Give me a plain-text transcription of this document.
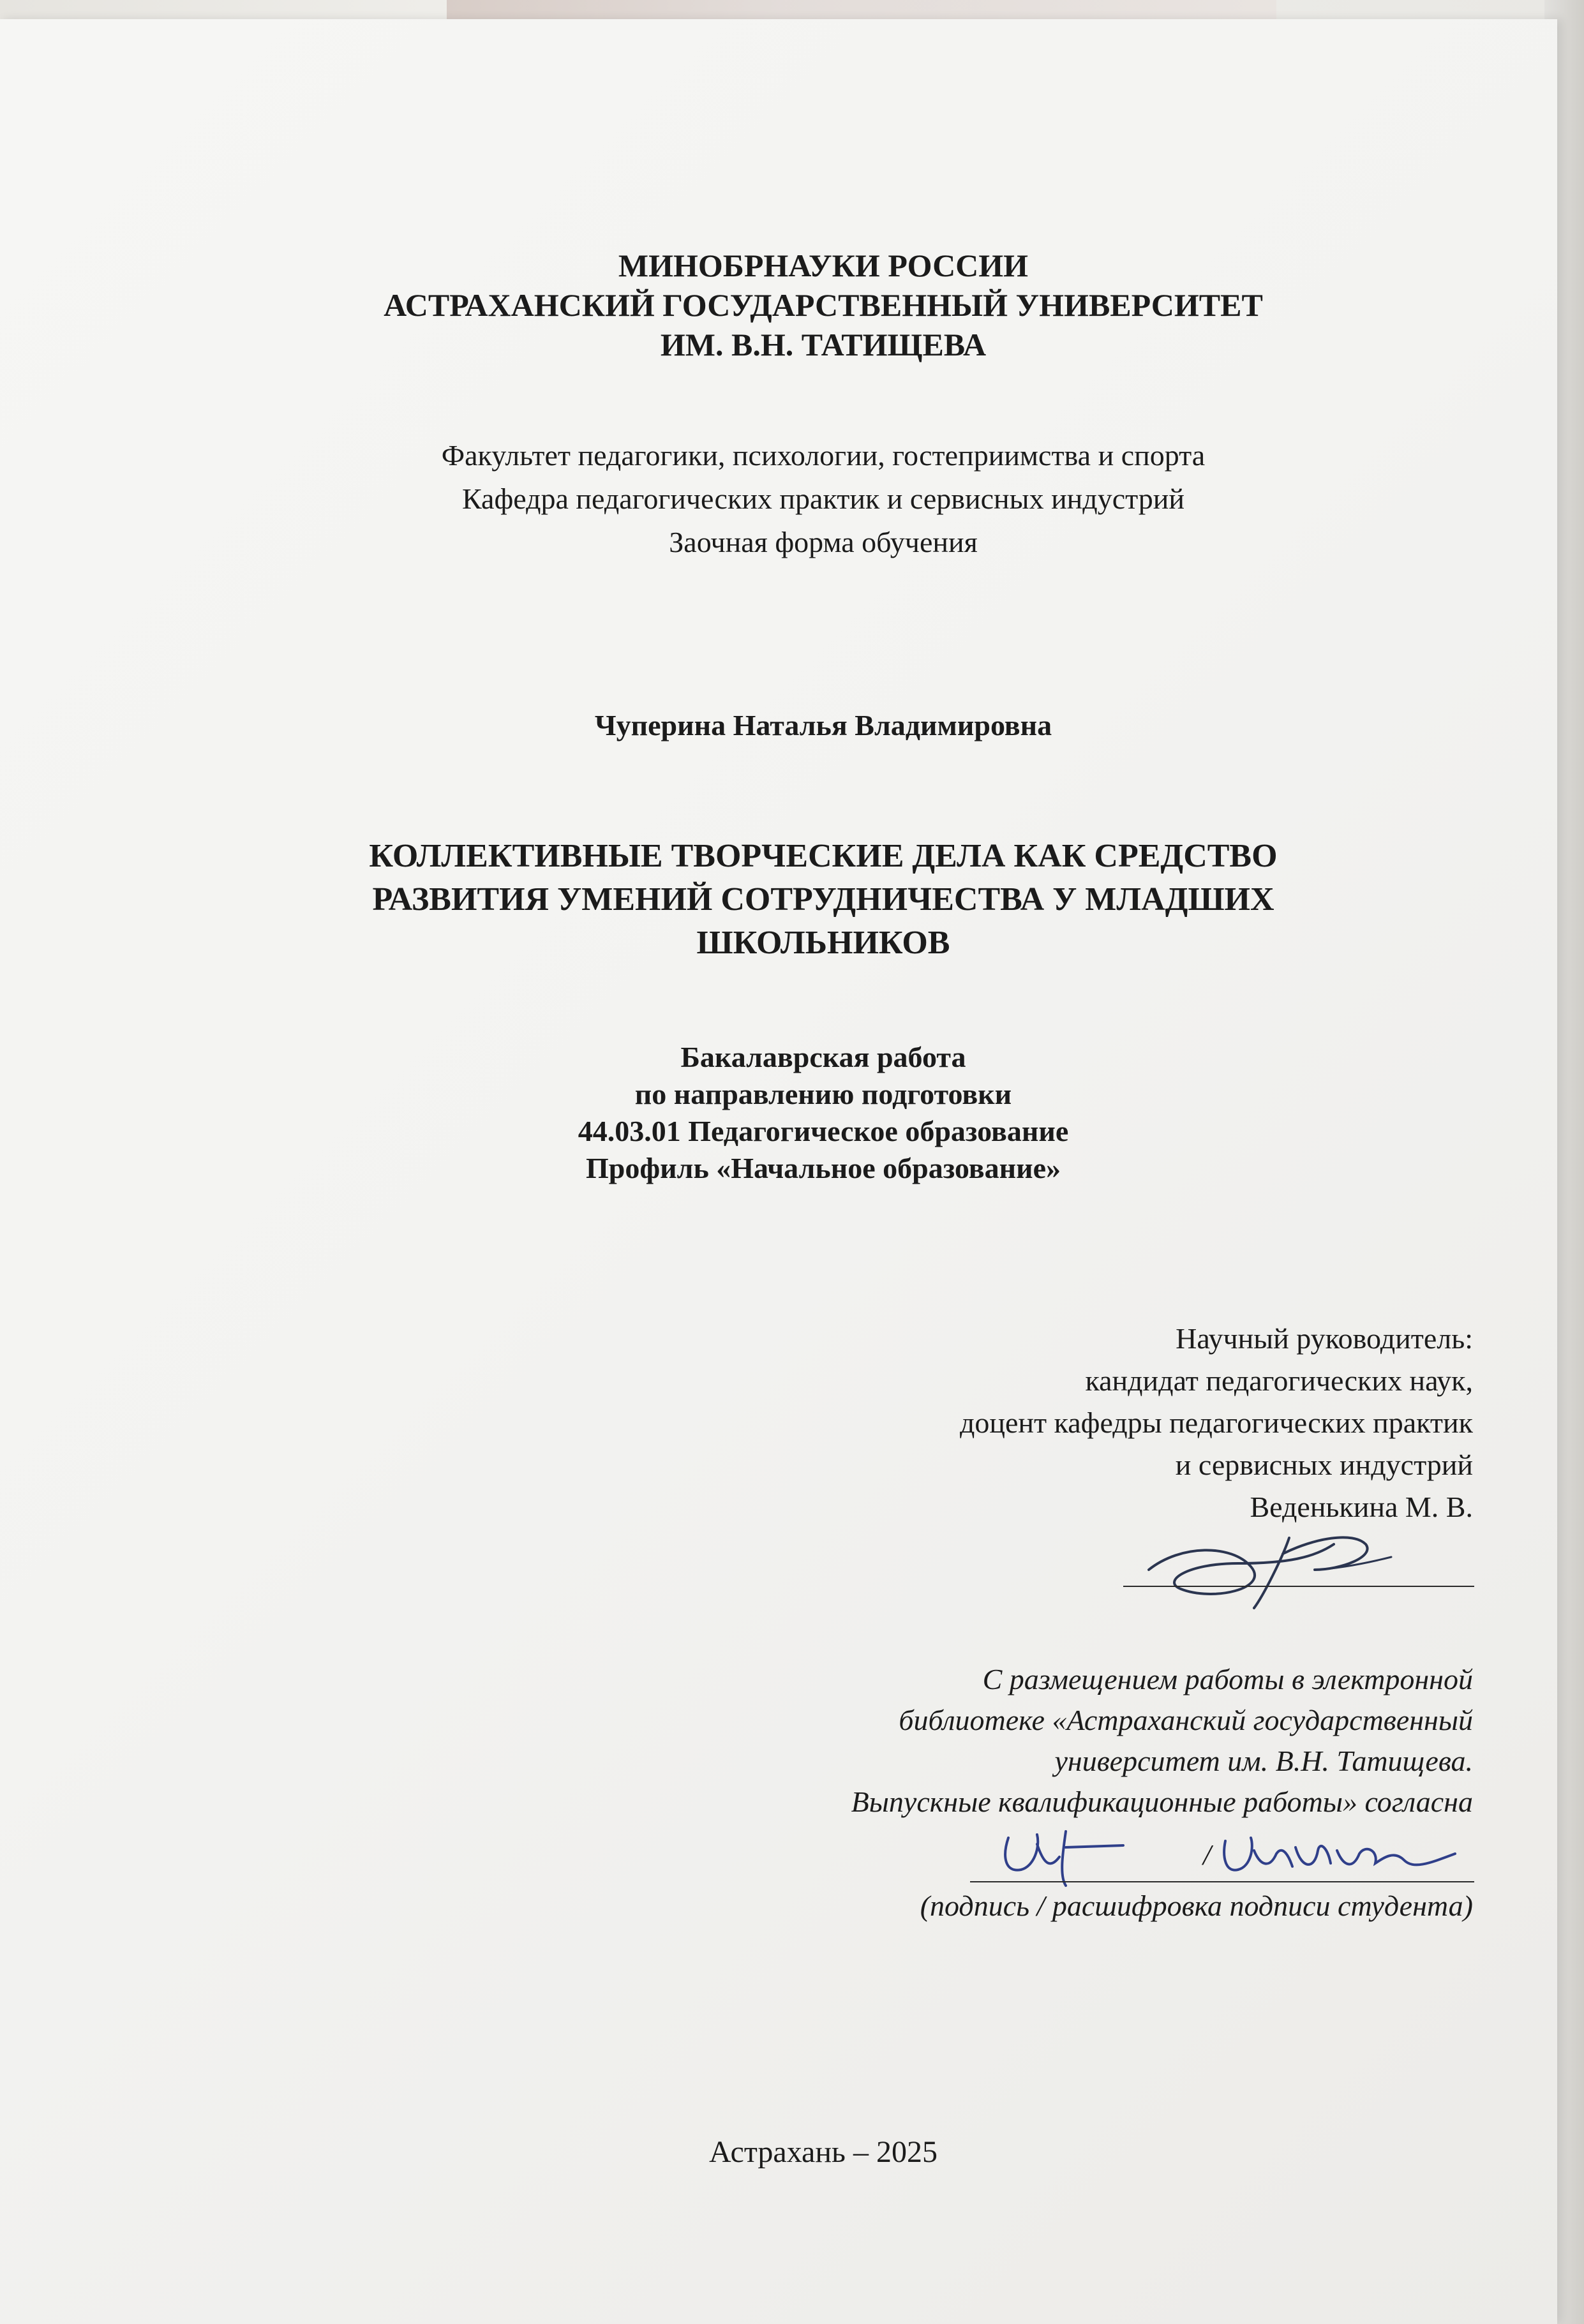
МИНОБРНАУКИ РОССИИ
АСТРАХАНСКИЙ ГОСУДАРСТВЕННЫЙ УНИВЕРСИТЕТ
ИМ. В.Н. ТАТИЩЕВА
Факультет педагогики, психологии, гостеприимства и спорта
Кафедра педагогических практик и сервисных индустрий
Заочная форма обучения
Чуперина Наталья Владимировна
КОЛЛЕКТИВНЫЕ ТВОРЧЕСКИЕ ДЕЛА КАК СРЕДСТВО
РАЗВИТИЯ УМЕНИЙ СОТРУДНИЧЕСТВА У МЛАДШИХ
ШКОЛЬНИКОВ
Бакалаврская работа
по направлению подготовки
44.03.01 Педагогическое образование
Профиль «Начальное образование»
Научный руководитель:
кандидат педагогических наук,
доцент кафедры педагогических практик
и сервисных индустрий
Веденькина М. В.
С размещением работы в электронной
библиотеке «Астраханский государственный
университет им. В.Н. Татищева.
Выпускные квалификационные работы» согласна
/
(подпись / расшифровка подписи студента)
Астрахань – 2025
